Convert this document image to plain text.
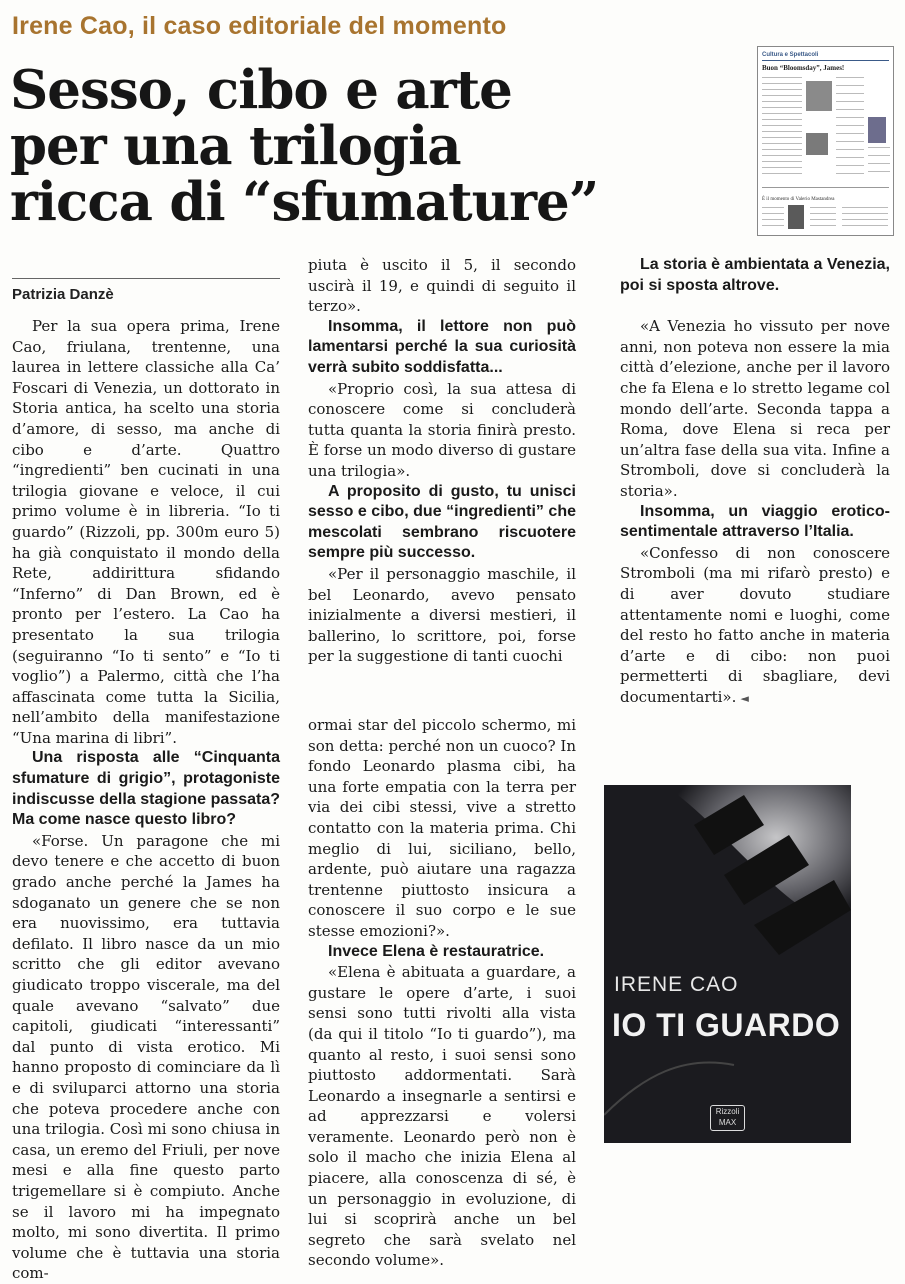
Irene Cao, il caso editoriale del momento
Sesso, cibo e arte
per una trilogia
ricca di “sfumature”
Cultura e Spettacoli
Buon “Bloomsday”, James!
È il momento di Valerio Mastandrea
Patrizia Danzè

Per la sua opera prima, Irene Cao, friulana, trentenne, una laurea in lettere classiche alla Ca’ Foscari di Venezia, un dottorato in Storia antica, ha scelto una storia d’amore, di sesso, ma anche di cibo e d’arte. Quattro “ingredienti” ben cucinati in una trilogia giovane e veloce, il cui primo volume è in libreria. “Io ti guardo” (Rizzoli, pp. 300m euro 5) ha già conquistato il mondo della Rete, addirittura sfidando “Inferno” di Dan Brown, ed è pronto per l’estero. La Cao ha presentato la sua trilogia (seguiranno “Io ti sento” e “Io ti voglio”) a Palermo, città che l’ha affascinata come tutta la Sicilia, nell’ambito della manifestazione “Una marina di libri”.

Una risposta alle “Cinquanta sfumature di grigio”, protagoniste indiscusse della stagione passata? Ma come nasce questo libro?

«Forse. Un paragone che mi devo tenere e che accetto di buon grado anche perché la James ha sdoganato un genere che se non era nuovissimo, era tuttavia defilato. Il libro nasce da un mio scritto che gli editor avevano giudicato troppo viscerale, ma del quale avevano “salvato” due capitoli, giudicati “interessanti” dal punto di vista erotico. Mi hanno proposto di cominciare da lì e di sviluparci attorno una storia che poteva procedere anche con una trilogia. Così mi sono chiusa in casa, un eremo del Friuli, per nove mesi e alla fine questo parto trigemellare si è compiuto. Anche se il lavoro mi ha impegnato molto, mi sono divertita. Il primo volume che è tuttavia una storia com-

piuta è uscito il 5, il secondo uscirà il 19, e quindi di seguito il terzo».

Insomma, il lettore non può lamentarsi perché la sua curiosità verrà subito soddisfatta...

«Proprio così, la sua attesa di conoscere come si concluderà tutta quanta la storia finirà presto. È forse un modo diverso di gustare una trilogia».

A proposito di gusto, tu unisci sesso e cibo, due “ingredienti” che mescolati sembrano riscuotere sempre più successo.

«Per il personaggio maschile, il bel Leonardo, avevo pensato inizialmente a diversi mestieri, il ballerino, lo scrittore, poi, forse per la suggestione di tanti cuochi

ormai star del piccolo schermo, mi son detta: perché non un cuoco? In fondo Leonardo plasma cibi, ha una forte empatia con la terra per via dei cibi stessi, vive a stretto contatto con la materia prima. Chi meglio di lui, siciliano, bello, ardente, può aiutare una ragazza trentenne piuttosto insicura a conoscere il suo corpo e le sue stesse emozioni?».

Invece Elena è restauratrice.

«Elena è abituata a guardare, a gustare le opere d’arte, i suoi sensi sono tutti rivolti alla vista (da qui il titolo “Io ti guardo”), ma quanto al resto, i suoi sensi sono piuttosto addormentati. Sarà Leonardo a insegnarle a sentirsi e ad apprezzarsi e volersi veramente. Leonardo però non è solo il macho che inizia Elena al piacere, alla conoscenza di sé, è un personaggio in evoluzione, di lui si scoprirà anche un bel segreto che sarà svelato nel secondo volume».

La storia è ambientata a Venezia, poi si sposta altrove.

«A Venezia ho vissuto per nove anni, non poteva non essere la mia città d’elezione, anche per il lavoro che fa Elena e lo stretto legame col mondo dell’arte. Seconda tappa a Roma, dove Elena si reca per un’altra fase della sua vita. Infine a Stromboli, dove si concluderà la storia».

Insomma, un viaggio erotico-sentimentale attraverso l’Italia.

«Confesso di non conoscere Stromboli (ma mi rifarò presto) e di aver dovuto studiare attentamente nomi e luoghi, come del resto ho fatto anche in materia d’arte e di cibo: non puoi permetterti di sbagliare, devi documentarti». ◄

IRENE CAO
IO TI GUARDO
Rizzoli
MAX
